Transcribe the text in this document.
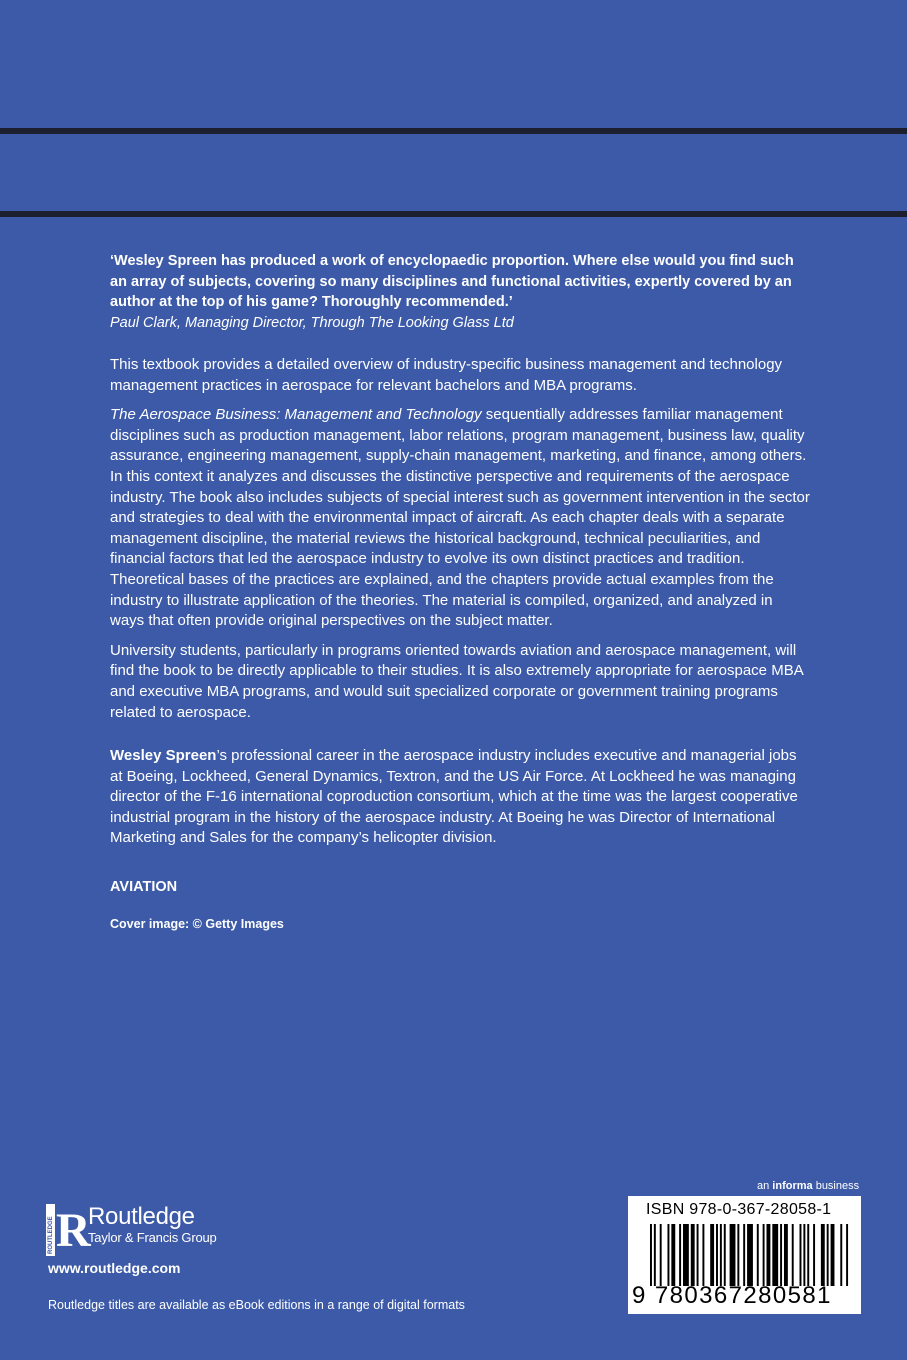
‘Wesley Spreen has produced a work of encyclopaedic proportion. Where else would you find such an array of subjects, covering so many disciplines and functional activities, expertly covered by an author at the top of his game? Thoroughly recommended.’

Paul Clark, Managing Director, Through The Looking Glass Ltd

This textbook provides a detailed overview of industry-specific business management and technology management practices in aerospace for relevant bachelors and MBA programs.

The Aerospace Business: Management and Technology sequentially addresses familiar management disciplines such as production management, labor relations, program management, business law, quality assurance, engineering management, supply-chain management, marketing, and finance, among others. In this context it analyzes and discusses the distinctive perspective and requirements of the aerospace industry. The book also includes subjects of special interest such as government intervention in the sector and strategies to deal with the environmental impact of aircraft. As each chapter deals with a separate management discipline, the material reviews the historical background, technical peculiarities, and financial factors that led the aerospace industry to evolve its own distinct practices and tradition. Theoretical bases of the practices are explained, and the chapters provide actual examples from the industry to illustrate application of the theories. The material is compiled, organized, and analyzed in ways that often provide original perspectives on the subject matter.

University students, particularly in programs oriented towards aviation and aerospace management, will find the book to be directly applicable to their studies. It is also extremely appropriate for aerospace MBA and executive MBA programs, and would suit specialized corporate or government training programs related to aerospace.

Wesley Spreen’s professional career in the aerospace industry includes executive and managerial jobs at Boeing, Lockheed, General Dynamics, Textron, and the US Air Force. At Lockheed he was managing director of the F-16 international coproduction consortium, which at the time was the largest cooperative industrial program in the history of the aerospace industry. At Boeing he was Director of International Marketing and Sales for the company’s helicopter division.

AVIATION

Cover image: © Getty Images

ROUTLEDGE R
Routledge
Taylor & Francis Group
www.routledge.com
Routledge titles are available as eBook editions in a range of digital formats
an informa business
ISBN 978-0-367-28058-1
9 780367280581
